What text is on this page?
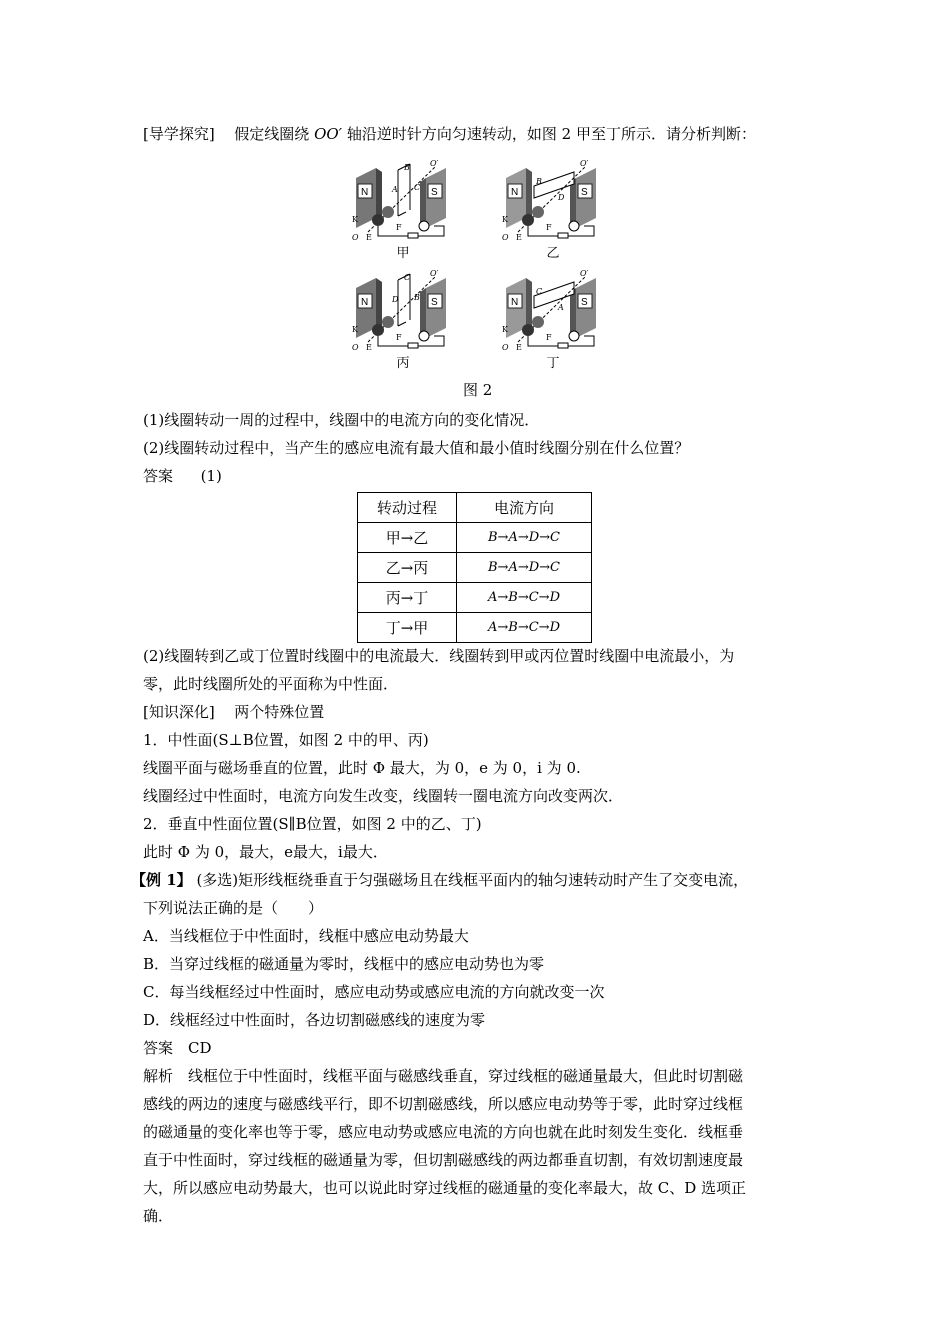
[导学探究] 假定线圈绕 OO′ 轴沿逆时针方向匀速转动，如图 2 甲至丁所示．请分析判断：
N	S
B
C
A
O′
K
O E
F
甲
N	S
B
D
O′
K
O E
F
乙
N	S
C
B
D
O′
K
O E
F
丙
N	S
C
A
O′
K
O E
F
丁
图 2
(1)线圈转动一周的过程中，线圈中的电流方向的变化情况．
(2)线圈转动过程中，当产生的感应电流有最大值和最小值时线圈分别在什么位置？
答案 (1)
转动过程	电流方向
甲→乙	B→A→D→C
乙→丙	B→A→D→C
丙→丁	A→B→C→D
丁→甲	A→B→C→D
(2)线圈转到乙或丁位置时线圈中的电流最大．线圈转到甲或丙位置时线圈中电流最小，为
零，此时线圈所处的平面称为中性面．
[知识深化] 两个特殊位置
1．中性面(S⊥B位置，如图 2 中的甲、丙)
线圈平面与磁场垂直的位置，此时 Φ 最大，为 0，e 为 0，i 为 0.
线圈经过中性面时，电流方向发生改变，线圈转一圈电流方向改变两次．
2．垂直中性面位置(S∥B位置，如图 2 中的乙、丁)
此时 Φ 为 0，最大，e最大，i最大．
【例 1】 (多选)矩形线框绕垂直于匀强磁场且在线框平面内的轴匀速转动时产生了交变电流，
下列说法正确的是（　　）
A．当线框位于中性面时，线框中感应电动势最大
B．当穿过线框的磁通量为零时，线框中的感应电动势也为零
C．每当线框经过中性面时，感应电动势或感应电流的方向就改变一次
D．线框经过中性面时，各边切割磁感线的速度为零
答案　CD
解析　线框位于中性面时，线框平面与磁感线垂直，穿过线框的磁通量最大，但此时切割磁
感线的两边的速度与磁感线平行，即不切割磁感线，所以感应电动势等于零，此时穿过线框
的磁通量的变化率也等于零，感应电动势或感应电流的方向也就在此时刻发生变化．线框垂
直于中性面时，穿过线框的磁通量为零，但切割磁感线的两边都垂直切割，有效切割速度最
大，所以感应电动势最大，也可以说此时穿过线框的磁通量的变化率最大，故 C、D 选项正
确．
